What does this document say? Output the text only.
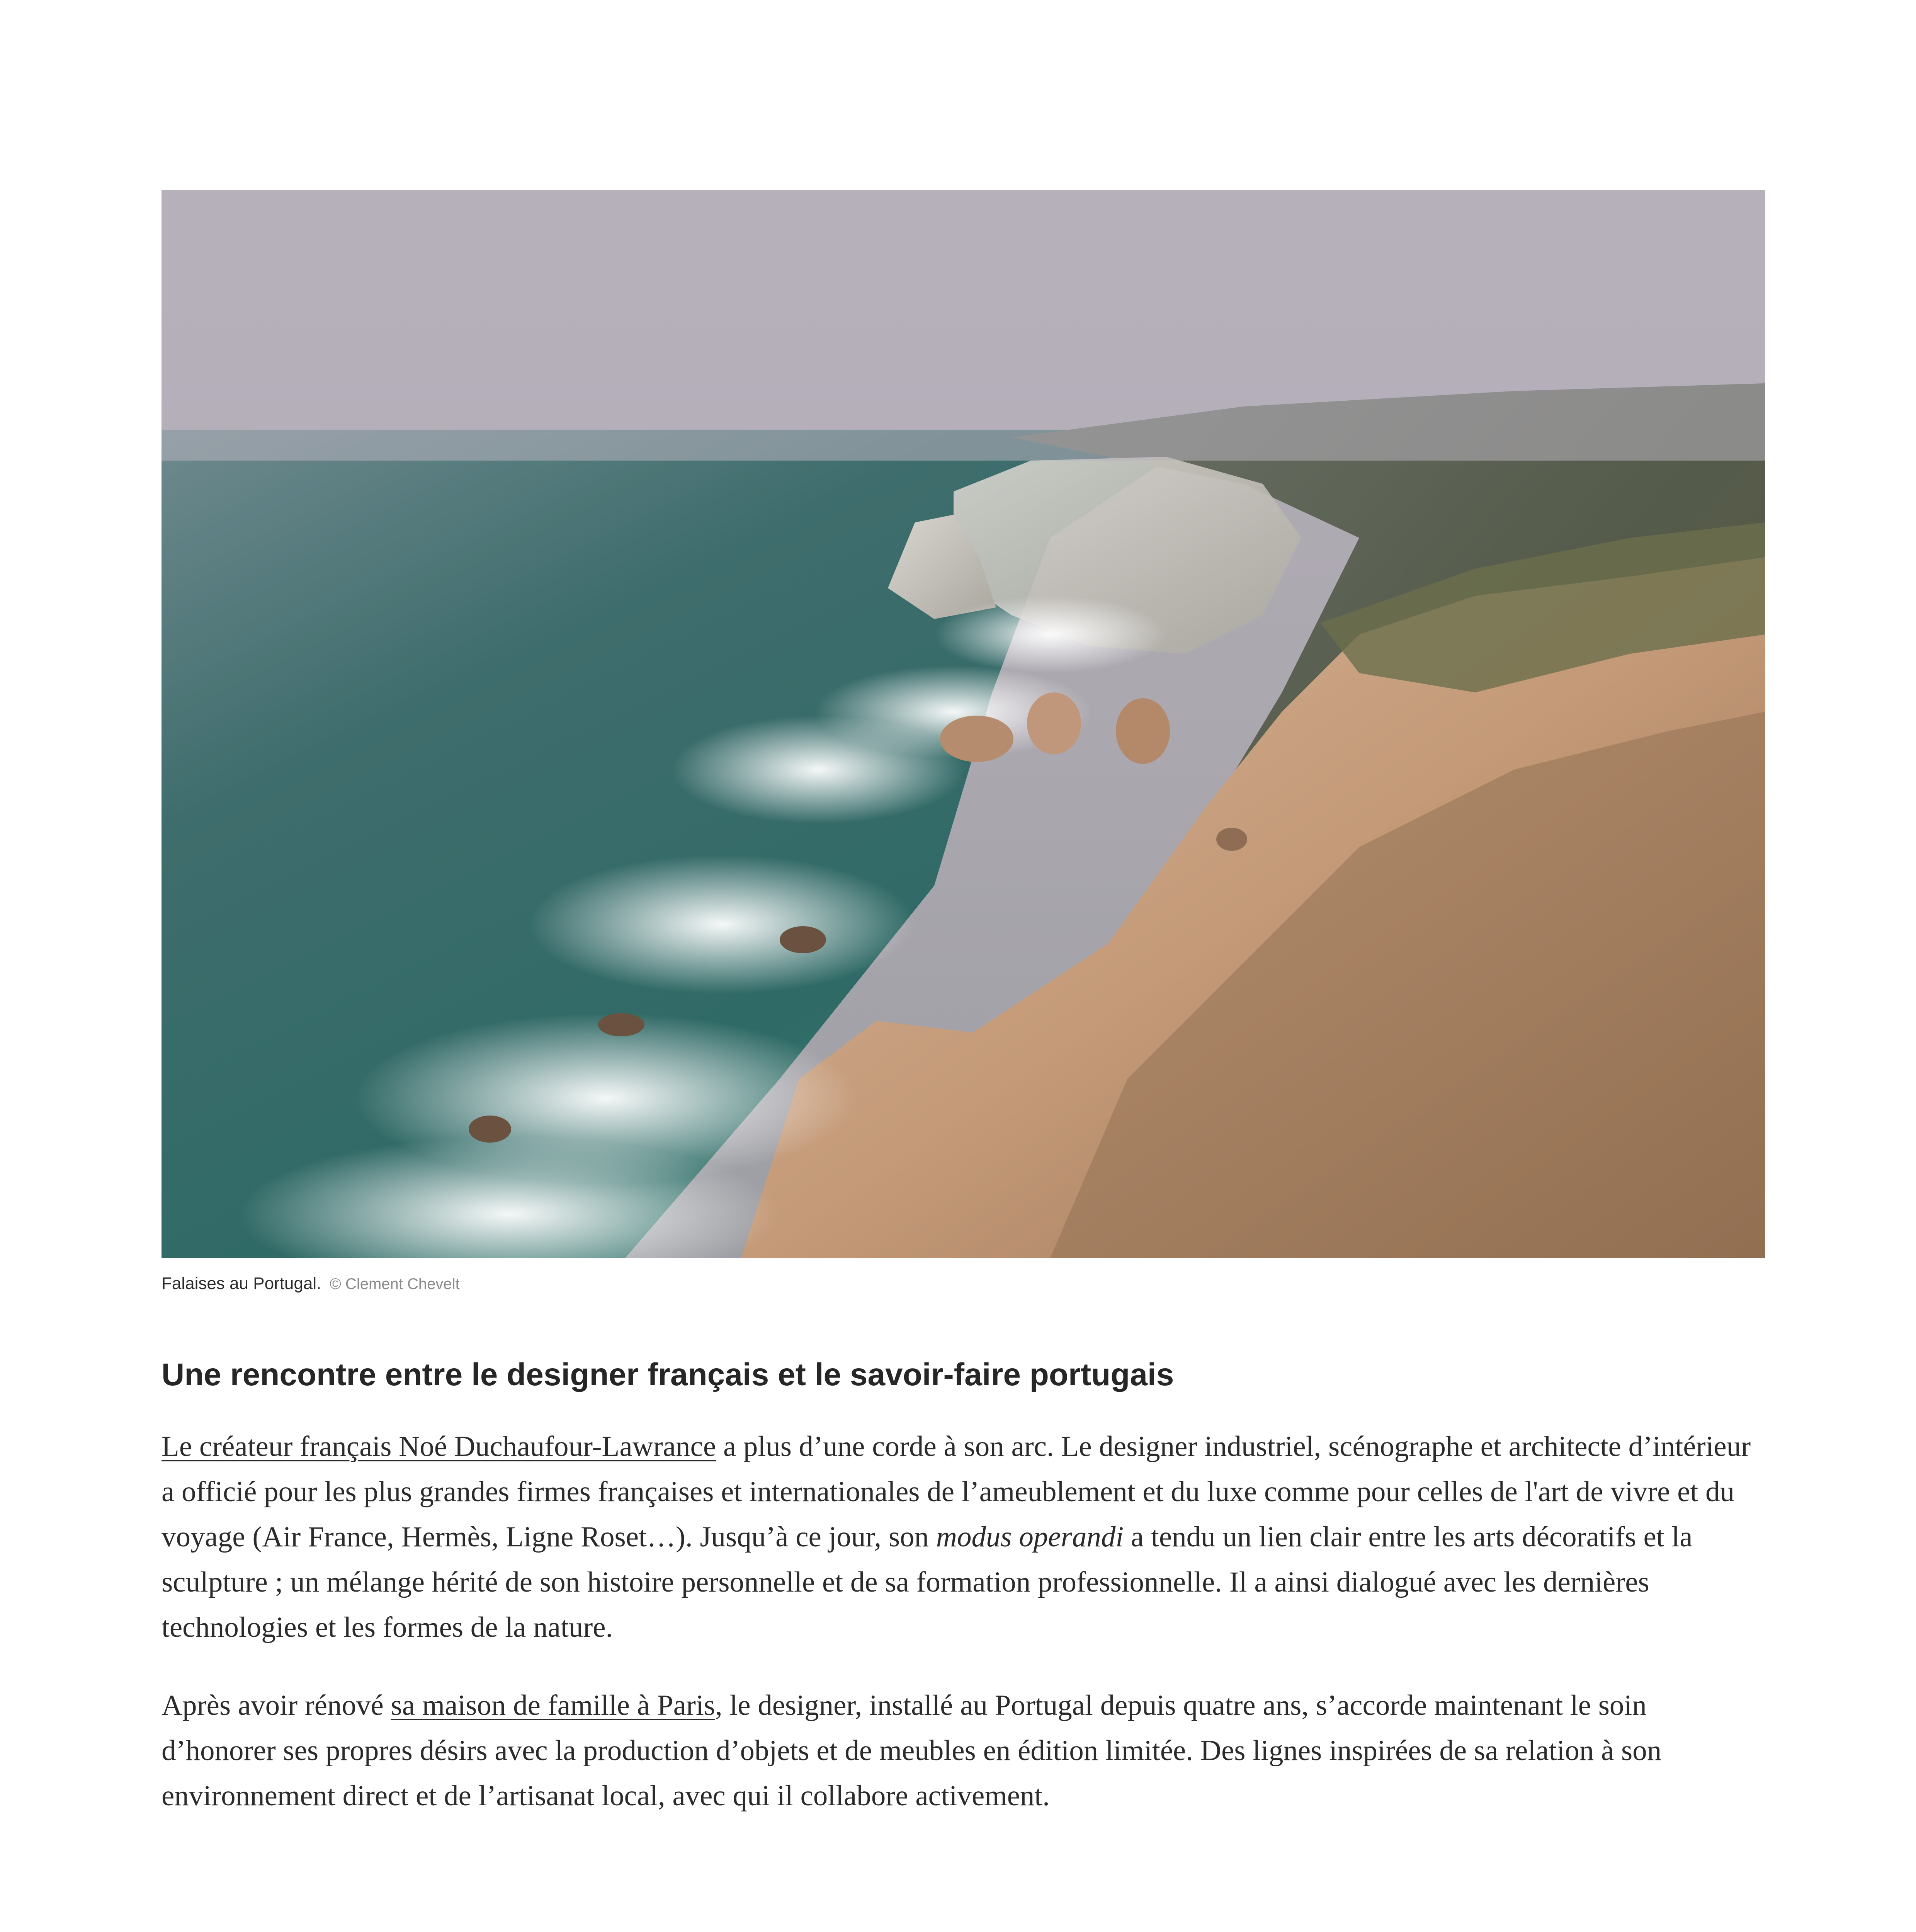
Falaises au Portugal. © Clement Chevelt
Une rencontre entre le designer français et le savoir-faire portugais

Le créateur français Noé Duchaufour-Lawrance a plus d’une corde à son arc. Le designer industriel, scénographe et architecte d’intérieur a officié pour les plus grandes firmes françaises et internationales de l’ameublement et du luxe comme pour celles de l'art de vivre et du voyage (Air France, Hermès, Ligne Roset…). Jusqu’à ce jour, son modus operandi a tendu un lien clair entre les arts décoratifs et la sculpture ; un mélange hérité de son histoire personnelle et de sa formation professionnelle. Il a ainsi dialogué avec les dernières technologies et les formes de la nature.

Après avoir rénové sa maison de famille à Paris, le designer, installé au Portugal depuis quatre ans, s’accorde maintenant le soin d’honorer ses propres désirs avec la production d’objets et de meubles en édition limitée. Des lignes inspirées de sa relation à son environnement direct et de l’artisanat local, avec qui il collabore activement.
